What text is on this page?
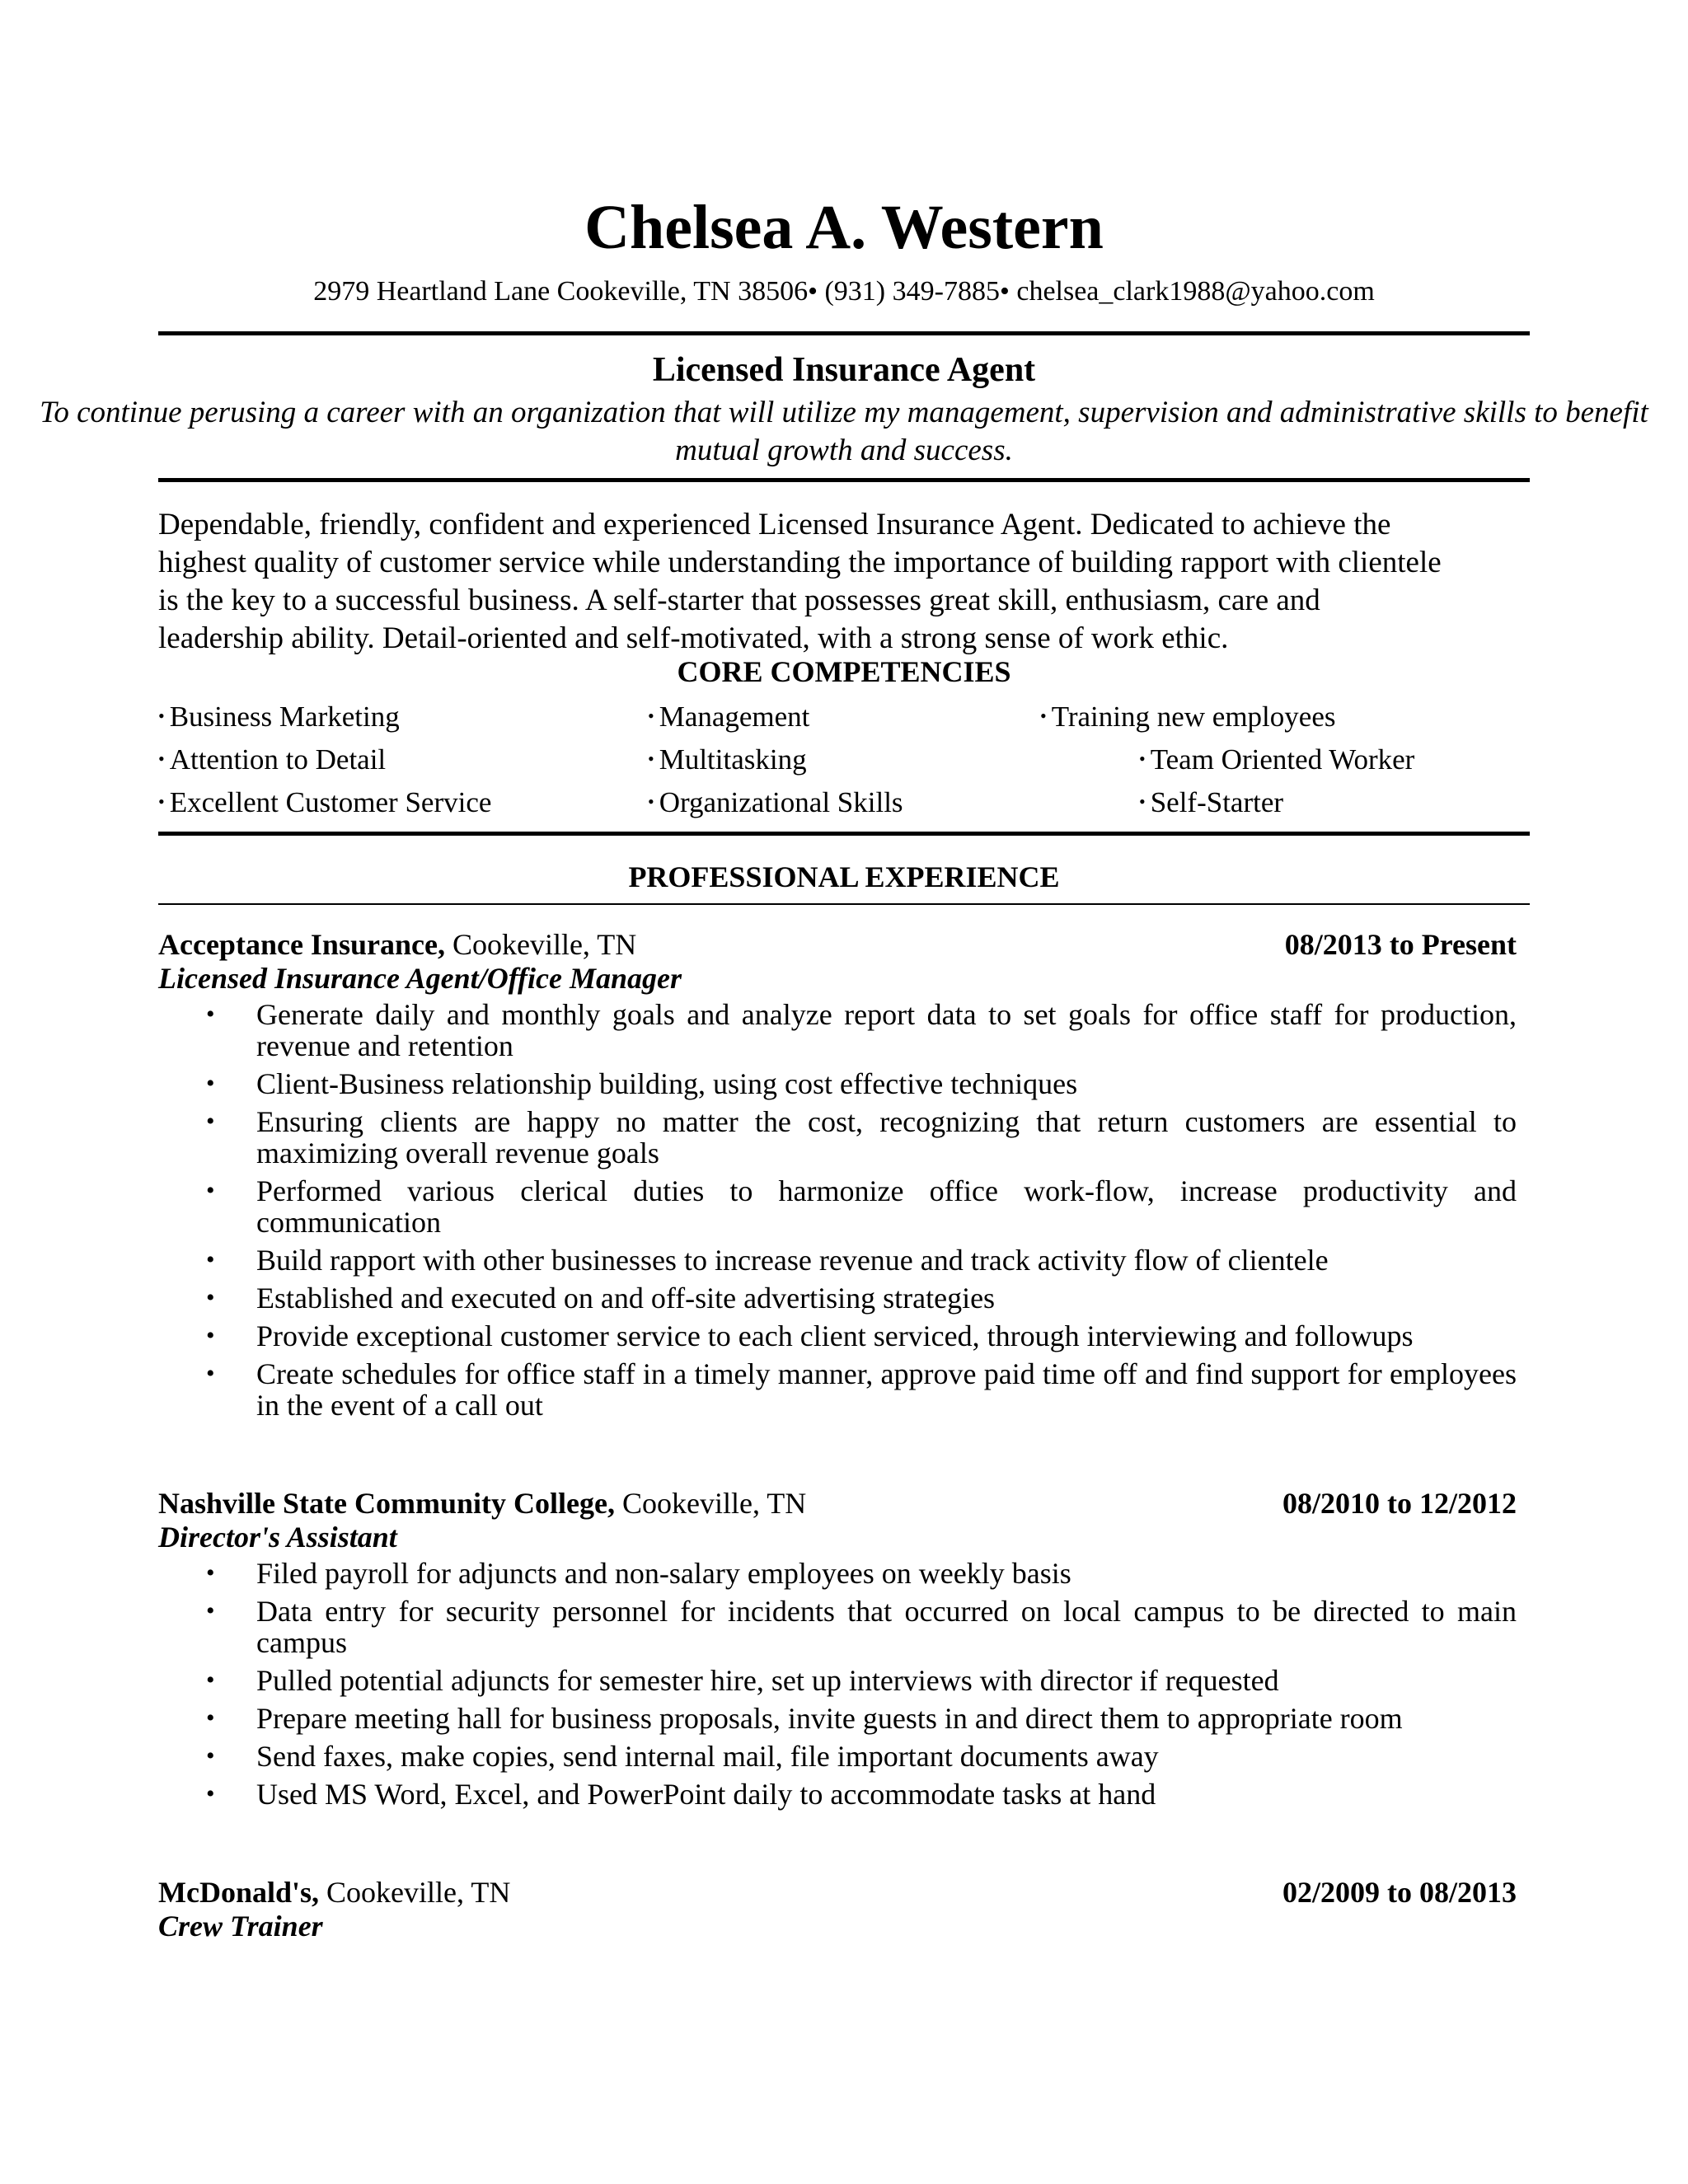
Chelsea A. Western
2979 Heartland Lane Cookeville, TN 38506• (931) 349-7885• chelsea_clark1988@yahoo.com
Licensed Insurance Agent
To continue perusing a career with an organization that will utilize my management, supervision and administrative skills to benefit mutual growth and success.
Dependable, friendly, confident and experienced Licensed Insurance Agent. Dedicated to achieve the
highest quality of customer service while understanding the importance of building rapport with clientele
is the key to a successful business. A self-starter that possesses great skill, enthusiasm, care and
leadership ability. Detail-oriented and self-motivated, with a strong sense of work ethic.
CORE COMPETENCIES
• Business Marketing	• Management	• Training new employees
• Attention to Detail	• Multitasking	• Team Oriented Worker
• Excellent Customer Service	• Organizational Skills	• Self-Starter
PROFESSIONAL EXPERIENCE
Acceptance Insurance, Cookeville, TN	08/2013 to Present
Licensed Insurance Agent/Office Manager
• Generate daily and monthly goals and analyze report data to set goals for office staff for production, revenue and retention
• Client-Business relationship building, using cost effective techniques
• Ensuring clients are happy no matter the cost, recognizing that return customers are essential to maximizing overall revenue goals
• Performed various clerical duties to harmonize office work-flow, increase productivity and communication
• Build rapport with other businesses to increase revenue and track activity flow of clientele
• Established and executed on and off-site advertising strategies
• Provide exceptional customer service to each client serviced, through interviewing and followups
• Create schedules for office staff in a timely manner, approve paid time off and find support for employees in the event of a call out
Nashville State Community College, Cookeville, TN	08/2010 to 12/2012
Director's Assistant
• Filed payroll for adjuncts and non-salary employees on weekly basis
• Data entry for security personnel for incidents that occurred on local campus to be directed to main campus
• Pulled potential adjuncts for semester hire, set up interviews with director if requested
• Prepare meeting hall for business proposals, invite guests in and direct them to appropriate room
• Send faxes, make copies, send internal mail, file important documents away
• Used MS Word, Excel, and PowerPoint daily to accommodate tasks at hand
McDonald's, Cookeville, TN	02/2009 to 08/2013
Crew Trainer
